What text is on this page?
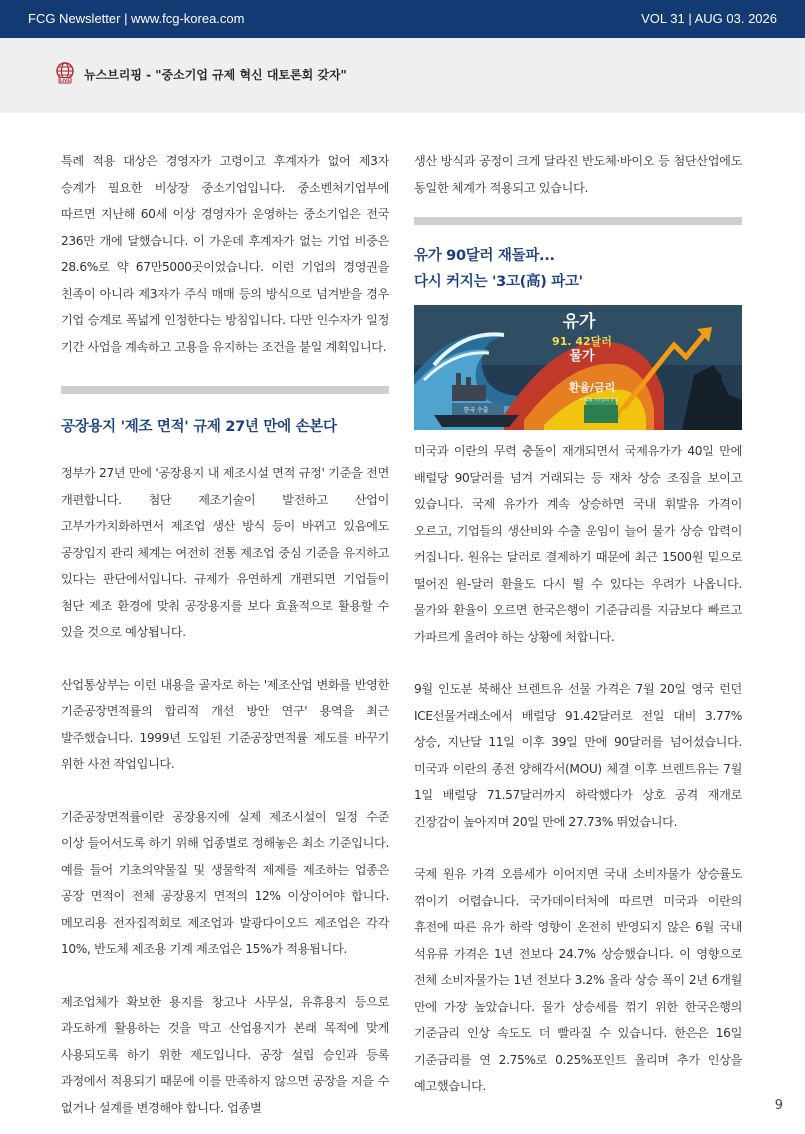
FCG Newsletter | www.fcg-korea.com	VOL 31 | AUG 03. 2026
LIVE 뉴스브리핑 - "중소기업 규제 혁신 대토론회 갖자"

특례 적용 대상은 경영자가 고령이고 후계자가 없어 제3자 승계가 필요한 비상장 중소기업입니다. 중소벤처기업부에 따르면 지난해 60세 이상 경영자가 운영하는 중소기업은 전국 236만 개에 달했습니다. 이 가운데 후계자가 없는 기업 비중은 28.6%로 약 67만5000곳이었습니다. 이런 기업의 경영권을 친족이 아니라 제3자가 주식 매매 등의 방식으로 넘겨받을 경우 기업 승계로 폭넓게 인정한다는 방침입니다. 다만 인수자가 일정 기간 사업을 계속하고 고용을 유지하는 조건을 붙일 계획입니다.

공장용지 '제조 면적' 규제 27년 만에 손본다

정부가 27년 만에 '공장용지 내 제조시설 면적 규정' 기준을 전면 개편합니다. 첨단 제조기술이 발전하고 산업이 고부가가치화하면서 제조업 생산 방식 등이 바뀌고 있음에도 공장입지 관리 체계는 여전히 전통 제조업 중심 기준을 유지하고 있다는 판단에서입니다. 규제가 유연하게 개편되면 기업들이 첨단 제조 환경에 맞춰 공장용지를 보다 효율적으로 활용할 수 있을 것으로 예상됩니다.

산업통상부는 이런 내용을 골자로 하는 '제조산업 변화를 반영한 기준공장면적률의 합리적 개선 방안 연구' 용역을 최근 발주했습니다. 1999년 도입된 기준공장면적률 제도를 바꾸기 위한 사전 작업입니다.

기준공장면적률이란 공장용지에 실제 제조시설이 일정 수준 이상 들어서도록 하기 위해 업종별로 정해놓은 최소 기준입니다. 예를 들어 기초의약물질 및 생물학적 제제를 제조하는 업종은 공장 면적이 전체 공장용지 면적의 12% 이상이어야 합니다. 메모리용 전자집적회로 제조업과 발광다이오드 제조업은 각각 10%, 반도체 제조용 기계 제조업은 15%가 적용됩니다.

제조업체가 확보한 용지를 창고나 사무실, 유휴용지 등으로 과도하게 활용하는 것을 막고 산업용지가 본래 목적에 맞게 사용되도록 하기 위한 제도입니다. 공장 설립 승인과 등록 과정에서 적용되기 때문에 이를 만족하지 않으면 공장을 지을 수 없거나 설계를 변경해야 합니다. 업종별

생산 방식과 공정이 크게 달라진 반도체·바이오 등 첨단산업에도 동일한 체계가 적용되고 있습니다.

유가 90달러 재돌파...
다시 커지는 '3고(高) 파고'
유가
91. 42달러
물가
환율/금리
한국 수출
+ 韓銀 기준금리 동결

미국과 이란의 무력 충돌이 재개되면서 국제유가가 40일 만에 배럴당 90달러를 넘겨 거래되는 등 재차 상승 조짐을 보이고 있습니다. 국제 유가가 계속 상승하면 국내 휘발유 가격이 오르고, 기업들의 생산비와 수출 운임이 늘어 물가 상승 압력이 커집니다. 원유는 달러로 결제하기 때문에 최근 1500원 밑으로 떨어진 원-달러 환율도 다시 뛸 수 있다는 우려가 나옵니다. 물가와 환율이 오르면 한국은행이 기준금리를 지금보다 빠르고 가파르게 올려야 하는 상황에 처합니다.

9월 인도분 북해산 브렌트유 선물 가격은 7월 20일 영국 런던 ICE선물거래소에서 배럴당 91.42달러로 전일 대비 3.77% 상승, 지난달 11일 이후 39일 만에 90달러를 넘어섰습니다. 미국과 이란의 종전 양해각서(MOU) 체결 이후 브렌트유는 7월 1일 배럴당 71.57달러까지 하락했다가 상호 공격 재개로 긴장감이 높아지며 20일 만에 27.73% 뛰었습니다.

국제 원유 가격 오름세가 이어지면 국내 소비자물가 상승률도 꺾이기 어렵습니다. 국가데이터처에 따르면 미국과 이란의 휴전에 따른 유가 하락 영향이 온전히 반영되지 않은 6월 국내 석유류 가격은 1년 전보다 24.7% 상승했습니다. 이 영향으로 전체 소비자물가는 1년 전보다 3.2% 올라 상승 폭이 2년 6개월 만에 가장 높았습니다. 물가 상승세를 꺾기 위한 한국은행의 기준금리 인상 속도도 더 빨라질 수 있습니다. 한은은 16일 기준금리를 연 2.75%로 0.25%포인트 올리며 추가 인상을 예고했습니다.

9
